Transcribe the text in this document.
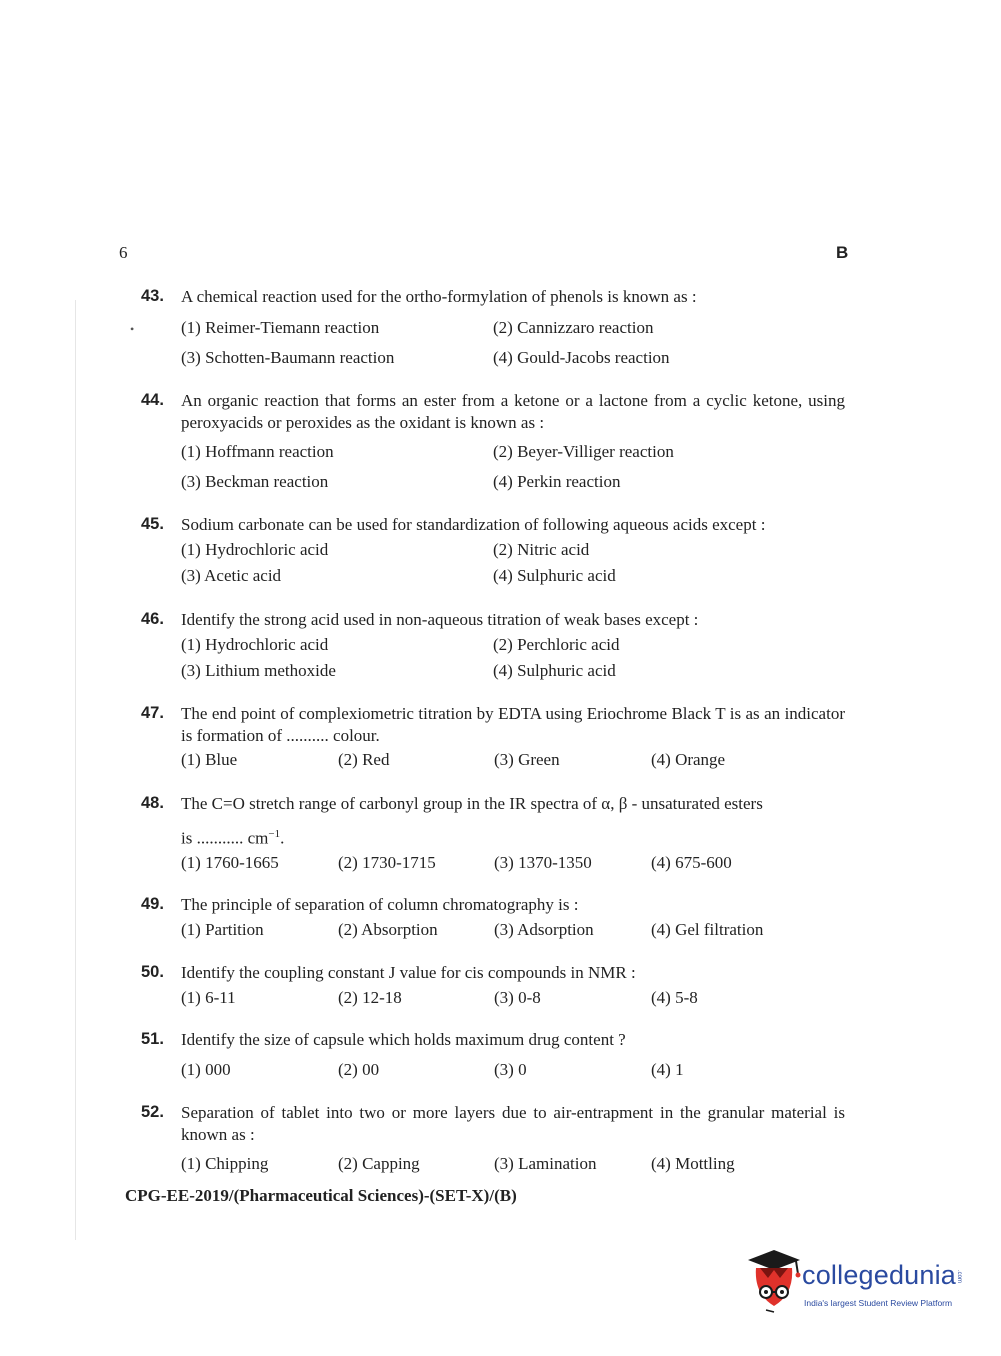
6	B
•
43. A chemical reaction used for the ortho-formylation of phenols is known as :
(1) Reimer-Tiemann reaction	(2) Cannizzaro reaction
(3) Schotten-Baumann reaction	(4) Gould-Jacobs reaction
44. An organic reaction that forms an ester from a ketone or a lactone from a cyclic ketone, using peroxyacids or peroxides as the oxidant is known as :
(1) Hoffmann reaction	(2) Beyer-Villiger reaction
(3) Beckman reaction	(4) Perkin reaction
45. Sodium carbonate can be used for standardization of following aqueous acids except :
(1) Hydrochloric acid	(2) Nitric acid
(3) Acetic acid	(4) Sulphuric acid
46. Identify the strong acid used in non-aqueous titration of weak bases except :
(1) Hydrochloric acid	(2) Perchloric acid
(3) Lithium methoxide	(4) Sulphuric acid
47. The end point of complexiometric titration by EDTA using Eriochrome Black T is as an indicator is formation of .......... colour.
(1) Blue	(2) Red	(3) Green	(4) Orange
48. The C=O stretch range of carbonyl group in the IR spectra of α, β - unsaturated esters
is ........... $cm^{-1}$.
(1) 1760-1665	(2) 1730-1715	(3) 1370-1350	(4) 675-600
49. The principle of separation of column chromatography is :
(1) Partition	(2) Absorption	(3) Adsorption	(4) Gel filtration
50. Identify the coupling constant J value for cis compounds in NMR :
(1) 6-11	(2) 12-18	(3) 0-8	(4) 5-8
51. Identify the size of capsule which holds maximum drug content ?
(1) 000	(2) 00	(3) 0	(4) 1
52. Separation of tablet into two or more layers due to air-entrapment in the granular material is known as :
(1) Chipping	(2) Capping	(3) Lamination	(4) Mottling
CPG-EE-2019/(Pharmaceutical Sciences)-(SET-X)/(B)
collegedunia .com
India's largest Student Review Platform
